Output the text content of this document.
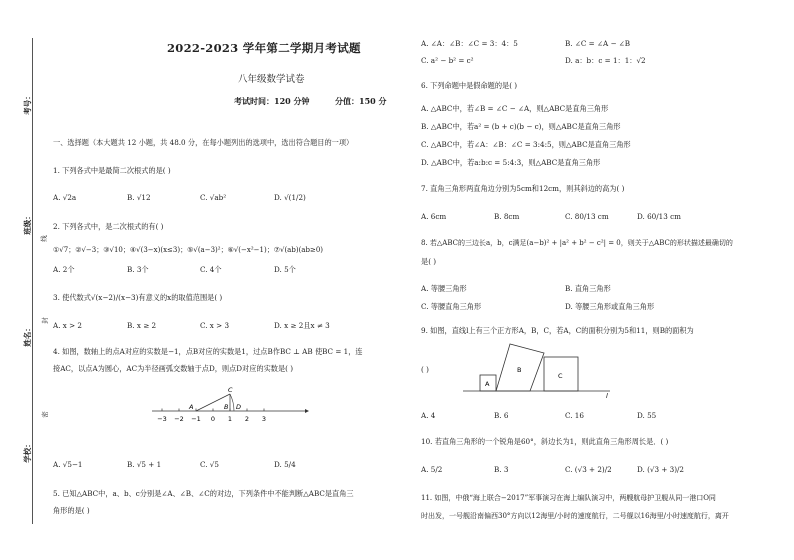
考号：
班级：
姓名：
学校：
线
封
密
2022-2023 学年第二学期月考试题
八年级数学试卷
考试时间：120 分钟	分值：150 分
一、选择题（本大题共 12 小题，共 48.0 分，在每小题列出的选项中，选出符合题目的一项）
1. 下列各式中是最简二次根式的是( )
A. √2a	B. √12	C. √ab²	D. √(1/2)
2. 下列各式中，是二次根式的有( )
①√7；②√−3；③√10；④√(3−x)(x≤3)；⑤√(a−3)²；⑥√(−x²−1)；⑦√(ab)(ab≥0)
A. 2个	B. 3个	C. 4个	D. 5个
3. 使代数式√(x−2)/(x−3)有意义的x的取值范围是( )
A. x > 2	B. x ≥ 2	C. x > 3	D. x ≥ 2且x ≠ 3
4. 如图，数轴上的点A对应的实数是−1，点B对应的实数是1，过点B作BC ⊥ AB 使BC = 1，连
接AC，以点A为圆心，AC为半径画弧交数轴于点D，则点D对应的实数是( )
−3 −2 −1 0 1 2 3
A	B
C
D
A. √5−1	B. √5 + 1	C. √5	D. 5/4
5. 已知△ABC中，a、b、c分别是∠A、∠B、∠C的对边，下列条件中不能判断△ABC是直角三
角形的是( )
A. ∠A：∠B：∠C = 3：4：5	B. ∠C = ∠A − ∠B
C. a² − b² = c²	D. a：b：c = 1：1：√2
6. 下列命题中是假命题的是( )
A. △ABC中，若∠B = ∠C − ∠A，则△ABC是直角三角形
B. △ABC中，若a² = (b + c)(b − c)，则△ABC是直角三角形
C. △ABC中，若∠A：∠B：∠C = 3:4:5，则△ABC是直角三角形
D. △ABC中，若a:b:c = 5:4:3，则△ABC是直角三角形
7. 直角三角形两直角边分别为5cm和12cm，则其斜边的高为( )
A. 6cm	B. 8cm	C. 80/13 cm	D. 60/13 cm
8. 若△ABC的三边长a，b，c满足(a−b)² + |a² + b² − c²| = 0，则关于△ABC的形状描述最确切的
是( )
A. 等腰三角形	B. 直角三角形
C. 等腰直角三角形	D. 等腰三角形或直角三角形
9. 如图，直线l上有三个正方形A，B，C，若A，C的面积分别为5和11，则B的面积为
( )
A
B
C
l
A. 4	B. 6	C. 16	D. 55
10. 若直角三角形的一个锐角是60°，斜边长为1，则此直角三角形周长是．( )
A. 5/2	B. 3	C. (√3 + 2)/2	D. (√3 + 3)/2
11. 如图，中俄“海上联合−2017”军事演习在海上编队演习中，两艘航母护卫舰从同一港口O同
时出发，一号舰沿南偏西30°方向以12海里/小时的速度航行，二号舰以16海里/小时速度航行，离开
